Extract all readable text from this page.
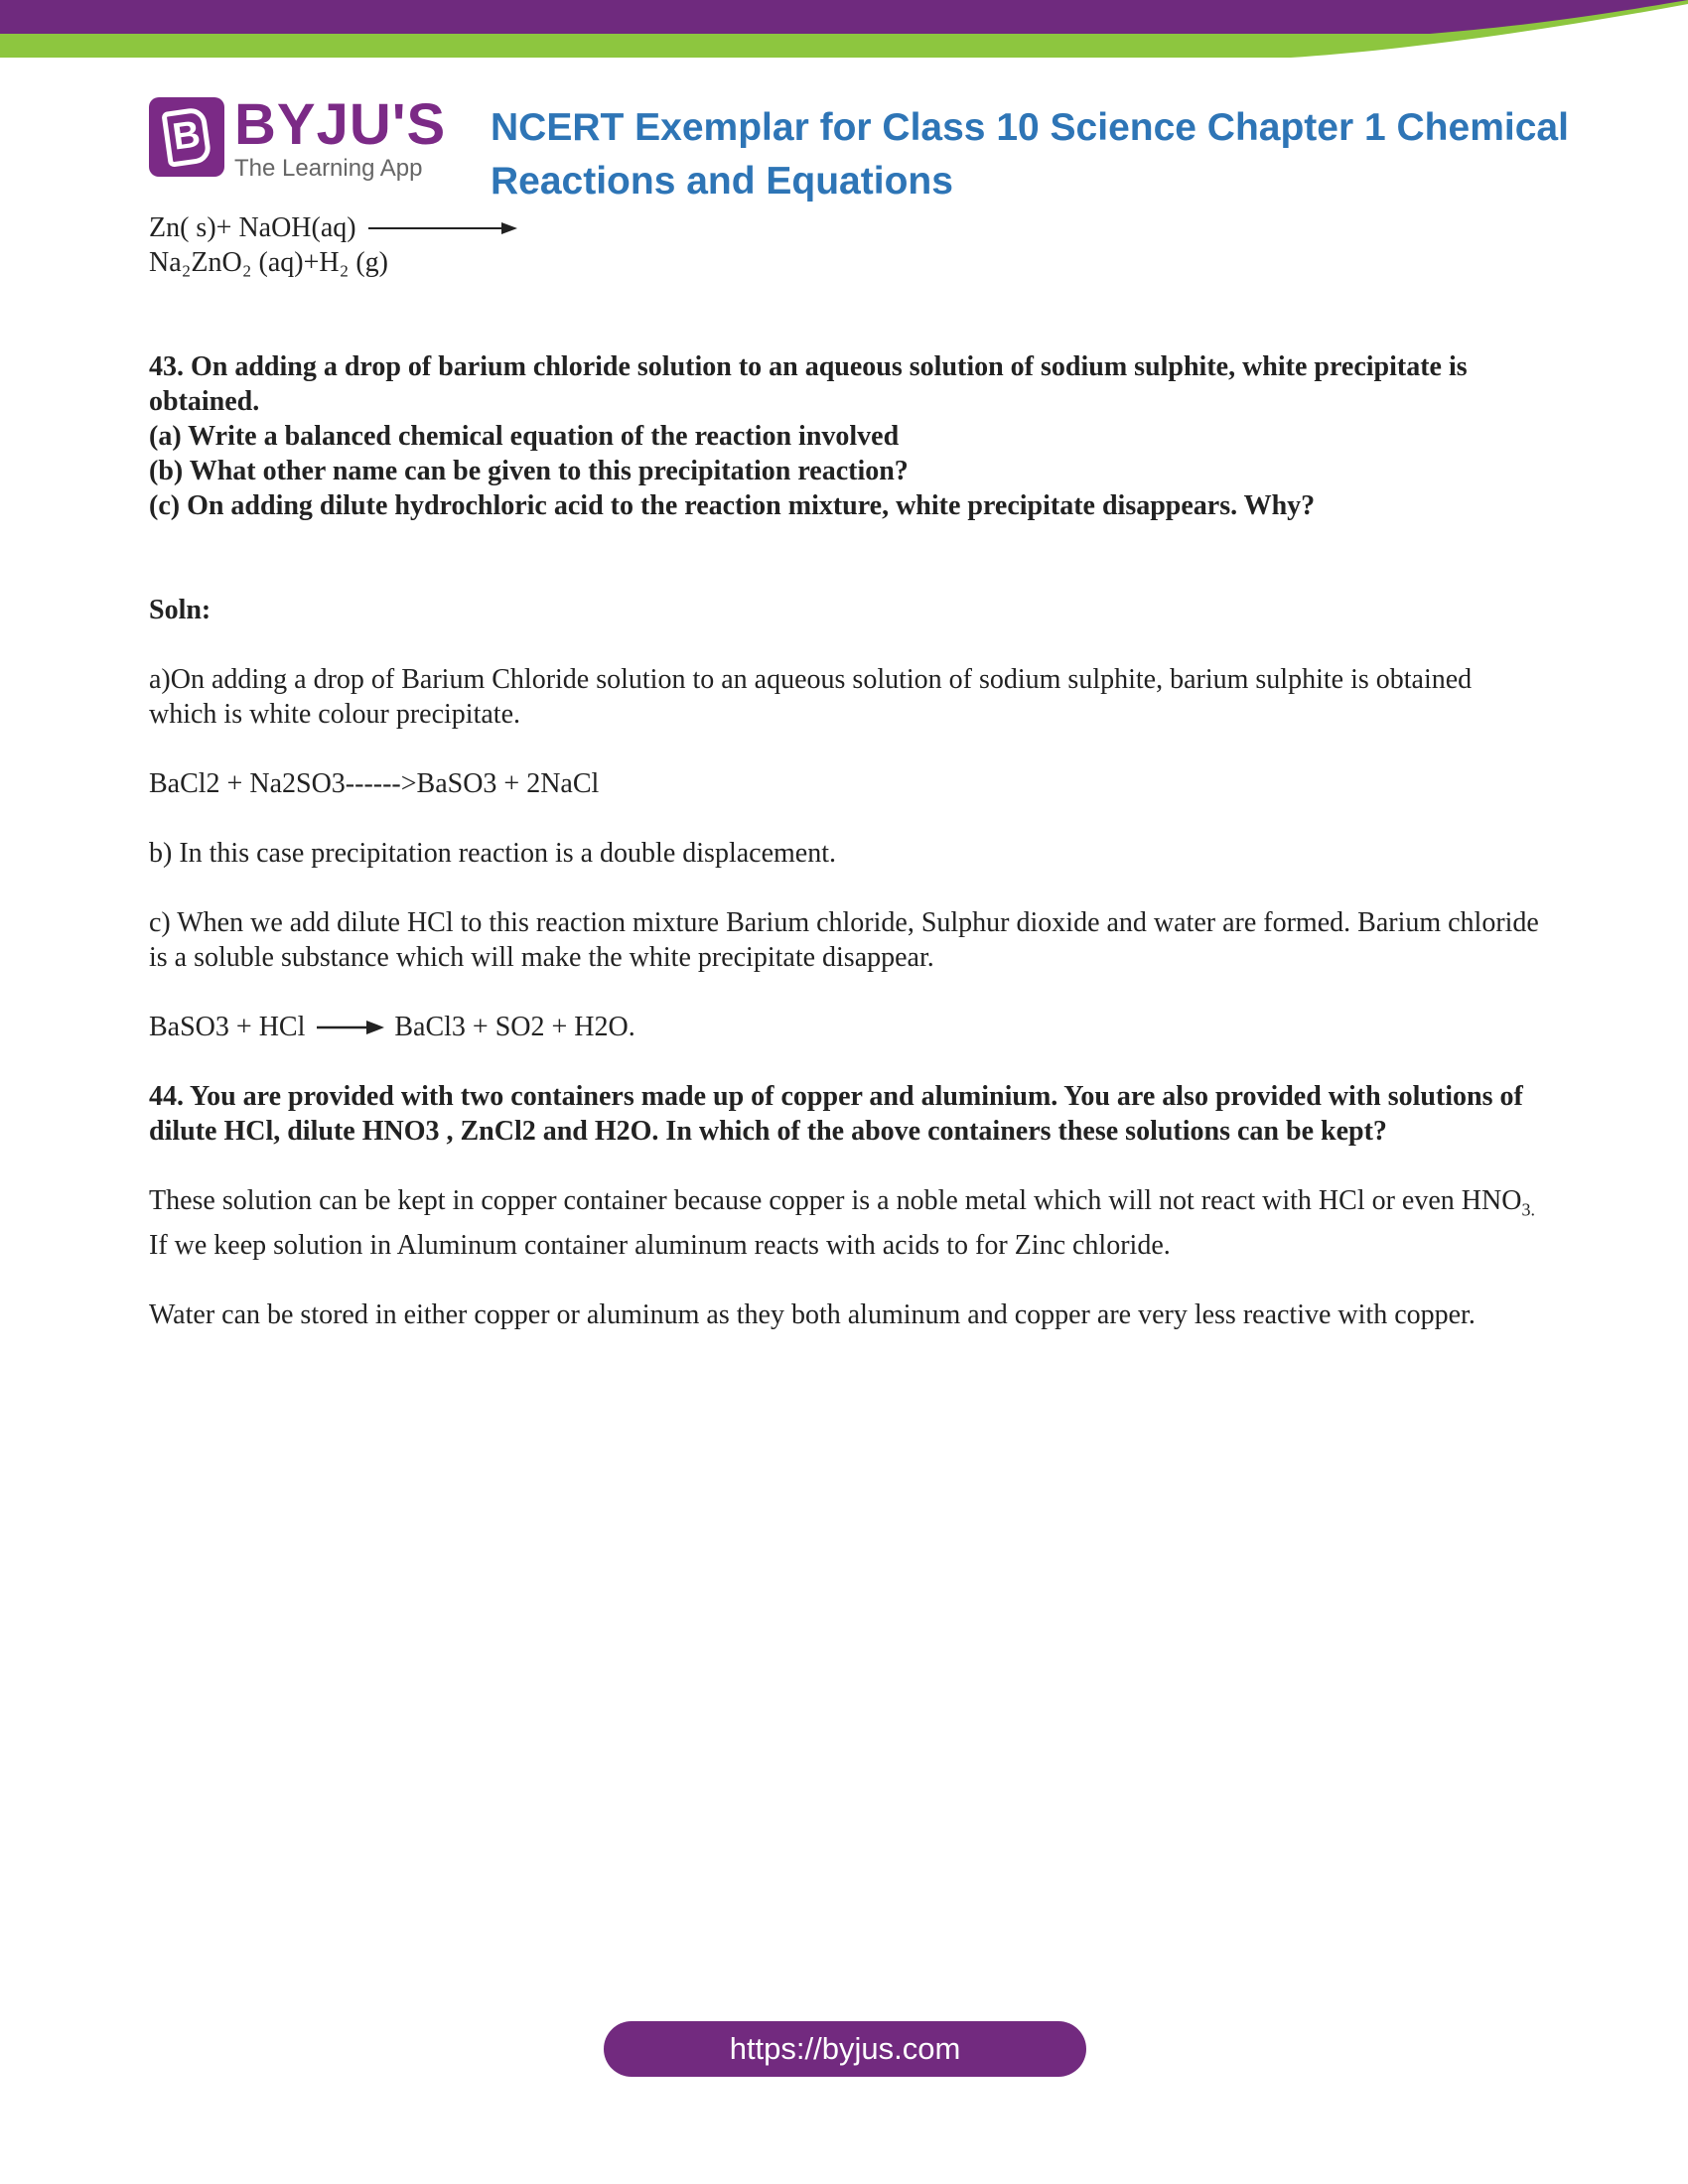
B BYJU'S
The Learning App
NCERT Exemplar for Class 10 Science Chapter 1 Chemical Reactions and Equations
Zn( s)+ NaOH(aq)

Na₂ZnO₂ (aq)+H₂ (g)

43. On adding a drop of barium chloride solution to an aqueous solution of sodium sulphite, white precipitate is obtained.

(a) Write a balanced chemical equation of the reaction involved

(b) What other name can be given to this precipitation reaction?

(c) On adding dilute hydrochloric acid to the reaction mixture, white precipitate disappears. Why?

Soln:

a)On adding a drop of Barium Chloride solution to an aqueous solution of sodium sulphite, barium sulphite is obtained which is white colour precipitate.

BaCl2 + Na2SO3------>BaSO3 + 2NaCl

b) In this case precipitation reaction is a double displacement.

c) When we add dilute HCl to this reaction mixture Barium chloride, Sulphur dioxide and water are formed. Barium chloride is a soluble substance which will make the white precipitate disappear.

BaSO3 + HCl → BaCl3 + SO2 + H2O.

44. You are provided with two containers made up of copper and aluminium. You are also provided with solutions of dilute HCl, dilute HNO3 , ZnCl2 and H2O. In which of the above containers these solutions can be kept?

These solution can be kept in copper container because copper is a noble metal which will not react with HCl or even $HNO_{3.}$ If we keep solution in Aluminum container aluminum reacts with acids to for Zinc chloride.

Water can be stored in either copper or aluminum as they both aluminum and copper are very less reactive with copper.

https://byjus.com
